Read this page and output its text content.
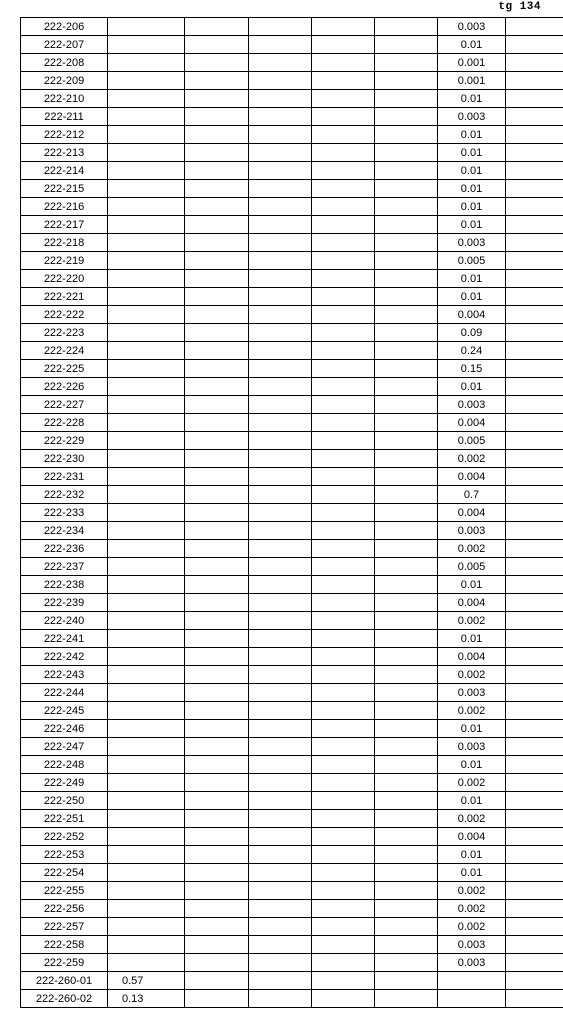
tg 134
222-206						0.003	
222-207						0.01	
222-208						0.001	
222-209						0.001	
222-210						0.01	
222-211						0.003	
222-212						0.01	
222-213						0.01	
222-214						0.01	
222-215						0.01	
222-216						0.01	
222-217						0.01	
222-218						0.003	
222-219						0.005	
222-220						0.01	
222-221						0.01	
222-222						0.004	
222-223						0.09	
222-224						0.24	
222-225						0.15	
222-226						0.01	
222-227						0.003	
222-228						0.004	
222-229						0.005	
222-230						0.002	
222-231						0.004	
222-232						0.7	
222-233						0.004	
222-234						0.003	
222-236						0.002	
222-237						0.005	
222-238						0.01	
222-239						0.004	
222-240						0.002	
222-241						0.01	
222-242						0.004	
222-243						0.002	
222-244						0.003	
222-245						0.002	
222-246						0.01	
222-247						0.003	
222-248						0.01	
222-249						0.002	
222-250						0.01	
222-251						0.002	
222-252						0.004	
222-253						0.01	
222-254						0.01	
222-255						0.002	
222-256						0.002	
222-257						0.002	
222-258						0.003	
222-259						0.003	
222-260-01	0.57						
222-260-02	0.13						
